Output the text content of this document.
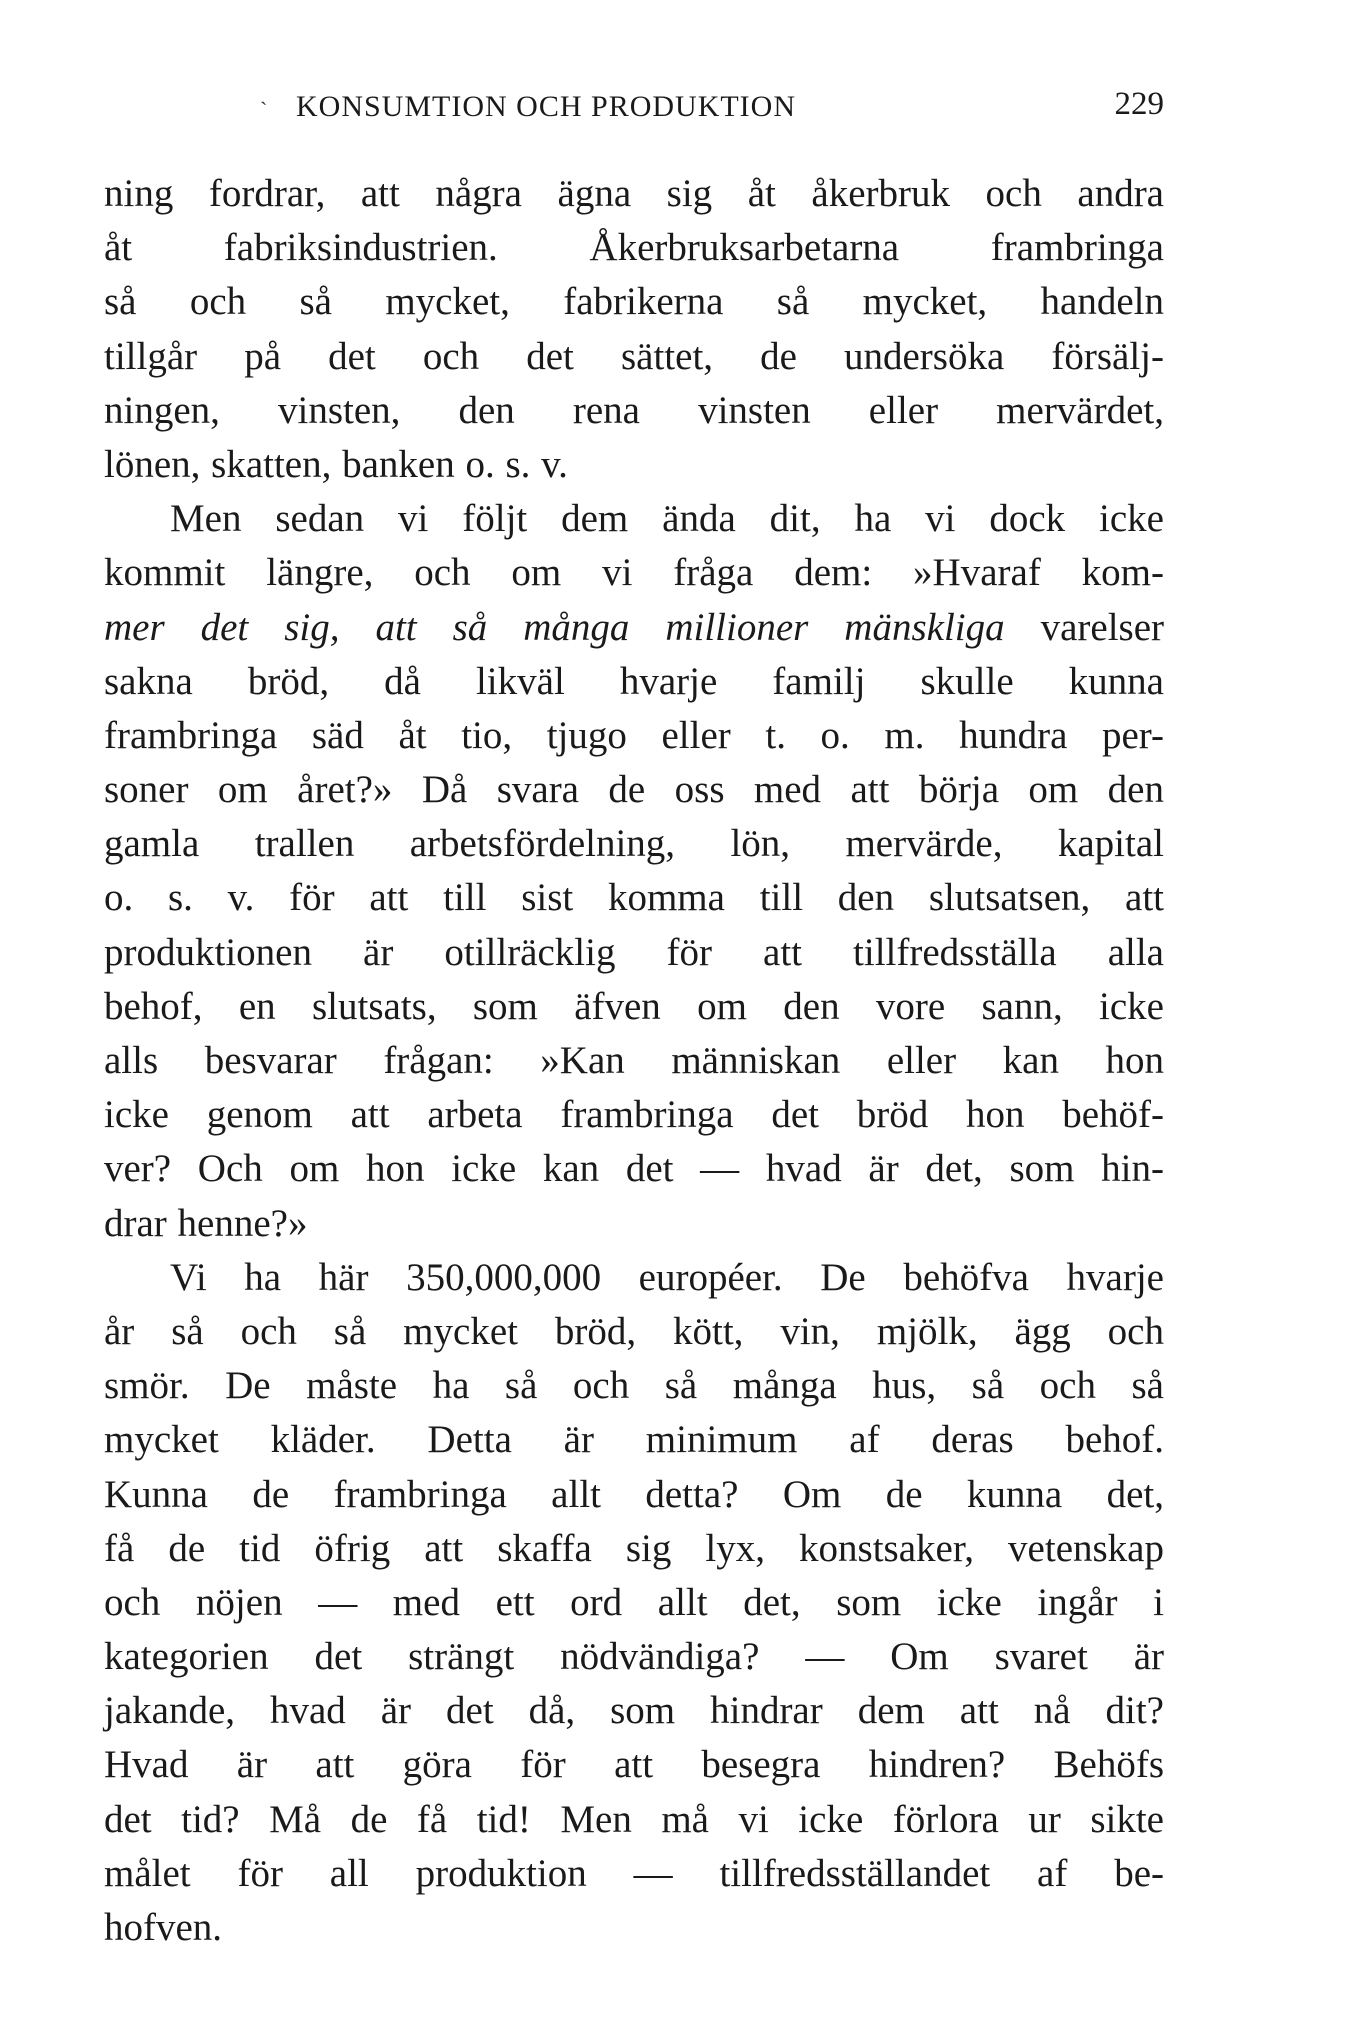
ˎ KONSUMTION OCH PRODUKTION	229
ning fordrar, att några ägna sig åt åkerbruk och andra
åt fabriksindustrien. Åkerbruksarbetarna frambringa
så och så mycket, fabrikerna så mycket, handeln
tillgår på det och det sättet, de undersöka försälj-
ningen, vinsten, den rena vinsten eller mervärdet,
lönen, skatten, banken o. s. v.
Men sedan vi följt dem ända dit, ha vi dock icke
kommit längre, och om vi fråga dem: »Hvaraf kom-
mer det sig, att så många millioner mänskliga varelser
sakna bröd, då likväl hvarje familj skulle kunna
frambringa säd åt tio, tjugo eller t. o. m. hundra per-
soner om året?» Då svara de oss med att börja om den
gamla trallen arbetsfördelning, lön, mervärde, kapital
o. s. v. för att till sist komma till den slutsatsen, att
produktionen är otillräcklig för att tillfredsställa alla
behof, en slutsats, som äfven om den vore sann, icke
alls besvarar frågan: »Kan människan eller kan hon
icke genom att arbeta frambringa det bröd hon behöf-
ver? Och om hon icke kan det — hvad är det, som hin-
drar henne?»
Vi ha här 350,000,000 européer. De behöfva hvarje
år så och så mycket bröd, kött, vin, mjölk, ägg och
smör. De måste ha så och så många hus, så och så
mycket kläder. Detta är minimum af deras behof.
Kunna de frambringa allt detta? Om de kunna det,
få de tid öfrig att skaffa sig lyx, konstsaker, vetenskap
och nöjen — med ett ord allt det, som icke ingår i
kategorien det strängt nödvändiga? — Om svaret är
jakande, hvad är det då, som hindrar dem att nå dit?
Hvad är att göra för att besegra hindren? Behöfs
det tid? Må de få tid! Men må vi icke förlora ur sikte
målet för all produktion — tillfredsställandet af be-
hofven.
